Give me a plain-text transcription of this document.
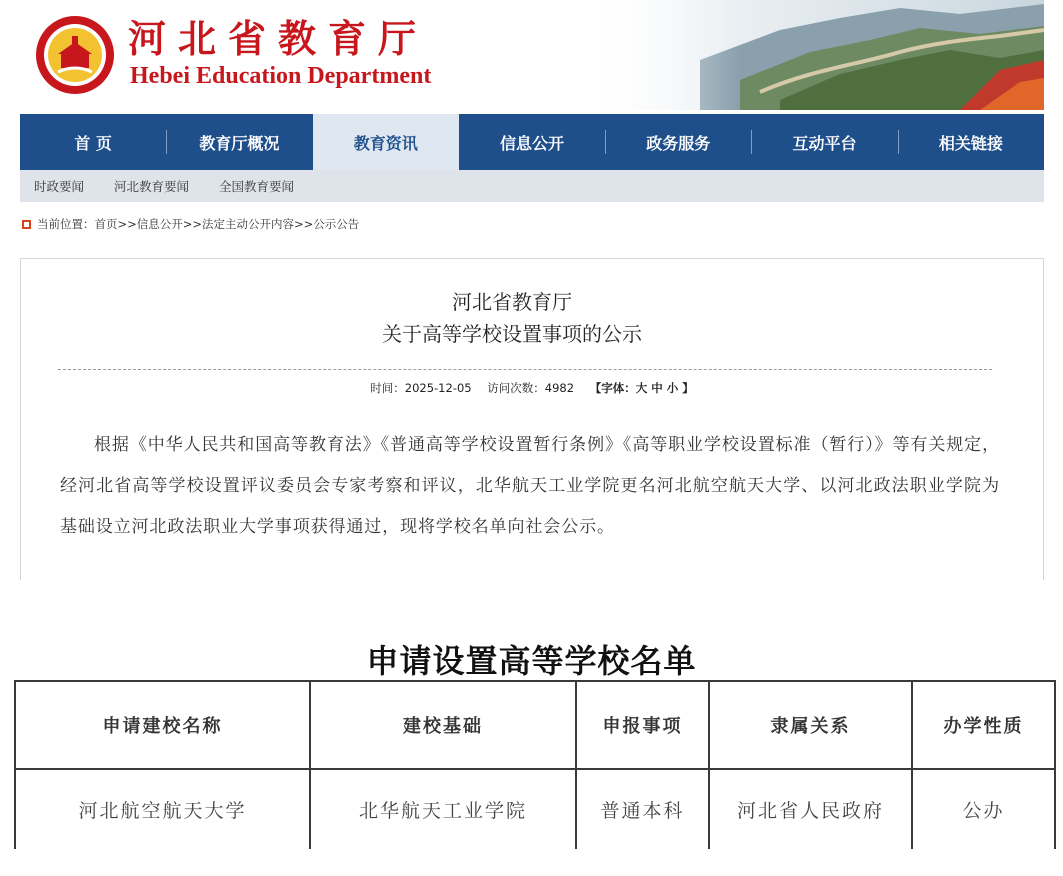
河北省教育厅
Hebei Education Department
首 页	教育厅概况	教育资讯	信息公开	政务服务	互动平台	相关链接
时政要闻 河北教育要闻 全国教育要闻
当前位置：首页>>信息公开>>法定主动公开内容>>公示公告
河北省教育厅
关于高等学校设置事项的公示
时间：2025-12-05 访问次数：4982 【字体：大 中 小 】

根据《中华人民共和国高等教育法》《普通高等学校设置暂行条例》《高等职业学校设置标准（暂行）》等有关规定，经河北省高等学校设置评议委员会专家考察和评议，北华航天工业学院更名河北航空航天大学、以河北政法职业学院为基础设立河北政法职业大学事项获得通过，现将学校名单向社会公示。

申请设置高等学校名单
申请建校名称	建校基础	申报事项	隶属关系	办学性质
河北航空航天大学	北华航天工业学院	普通本科	河北省人民政府	公办
